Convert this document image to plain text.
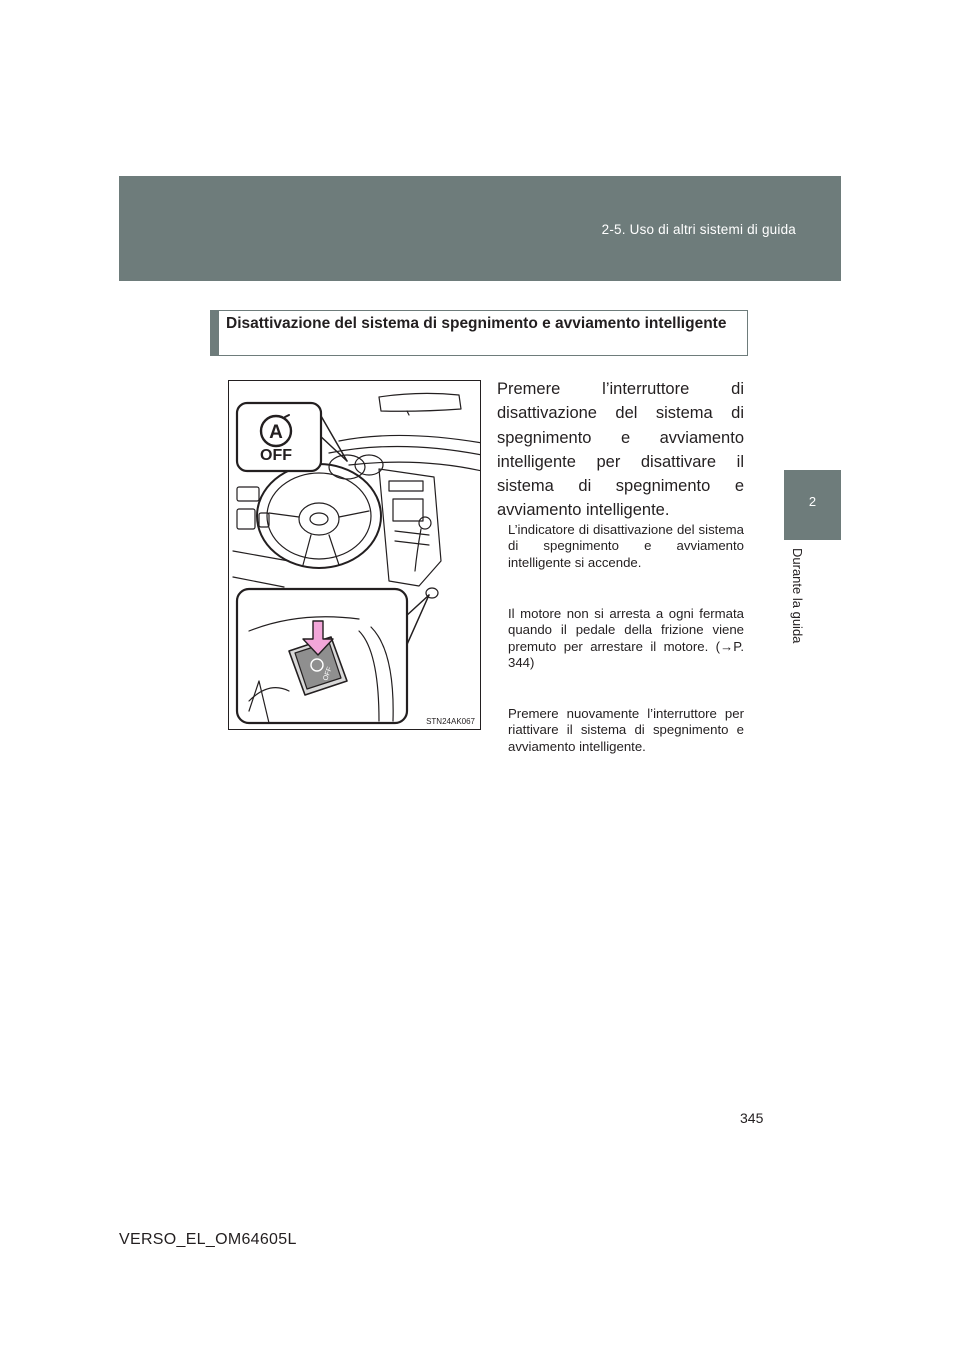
2-5. Uso di altri sistemi di guida
2
Durante la guida
Disattivazione del sistema di spegnimento e avviamento intelligente
A
OFF
OFF
STN24AK067

Premere l’interruttore di disattivazione del sistema di spegnimento e avviamento intelligente per disattivare il sistema di spegnimento e avviamento intelligente.

L’indicatore di disattivazione del sistema di spegnimento e avviamento intelligente si accende.

Il motore non si arresta a ogni fermata quando il pedale della frizione viene premuto per arrestare il motore. (→P. 344)

Premere nuovamente l’interruttore per riattivare il sistema di spegnimento e avviamento intelligente.

345
VERSO_EL_OM64605L
